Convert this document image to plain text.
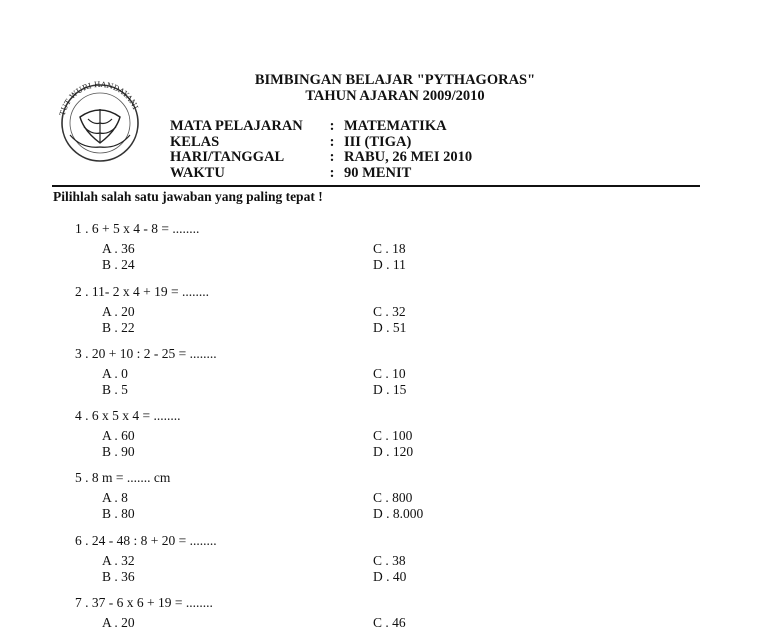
TUT WURI HANDAYANI
BIMBINGAN BELAJAR "PYTHAGORAS"
TAHUN AJARAN 2009/2010
MATA PELAJARAN : MATEMATIKA
KELAS	: III (TIGA)
HARI/TANGGAL	: RABU, 26 MEI 2010
WAKTU	: 90 MENIT
Pilihlah salah satu jawaban yang paling tepat !
1 . 6 + 5 x 4 - 8 = ........
A . 36
B . 24
C . 18
D . 11
2 . 11- 2 x 4 + 19 = ........
A . 20
B . 22
C . 32
D . 51
3 . 20 + 10 : 2 - 25 = ........
A . 0
B . 5
C . 10
D . 15
4 . 6 x 5 x 4 = ........
A . 60
B . 90
C . 100
D . 120
5 . 8 m = ....... cm
A . 8
B . 80
C . 800
D . 8.000
6 . 24 - 48 : 8 + 20 = ........
A . 32
B . 36
C . 38
D . 40
7 . 37 - 6 x 6 + 19 = ........
A . 20	C . 46
